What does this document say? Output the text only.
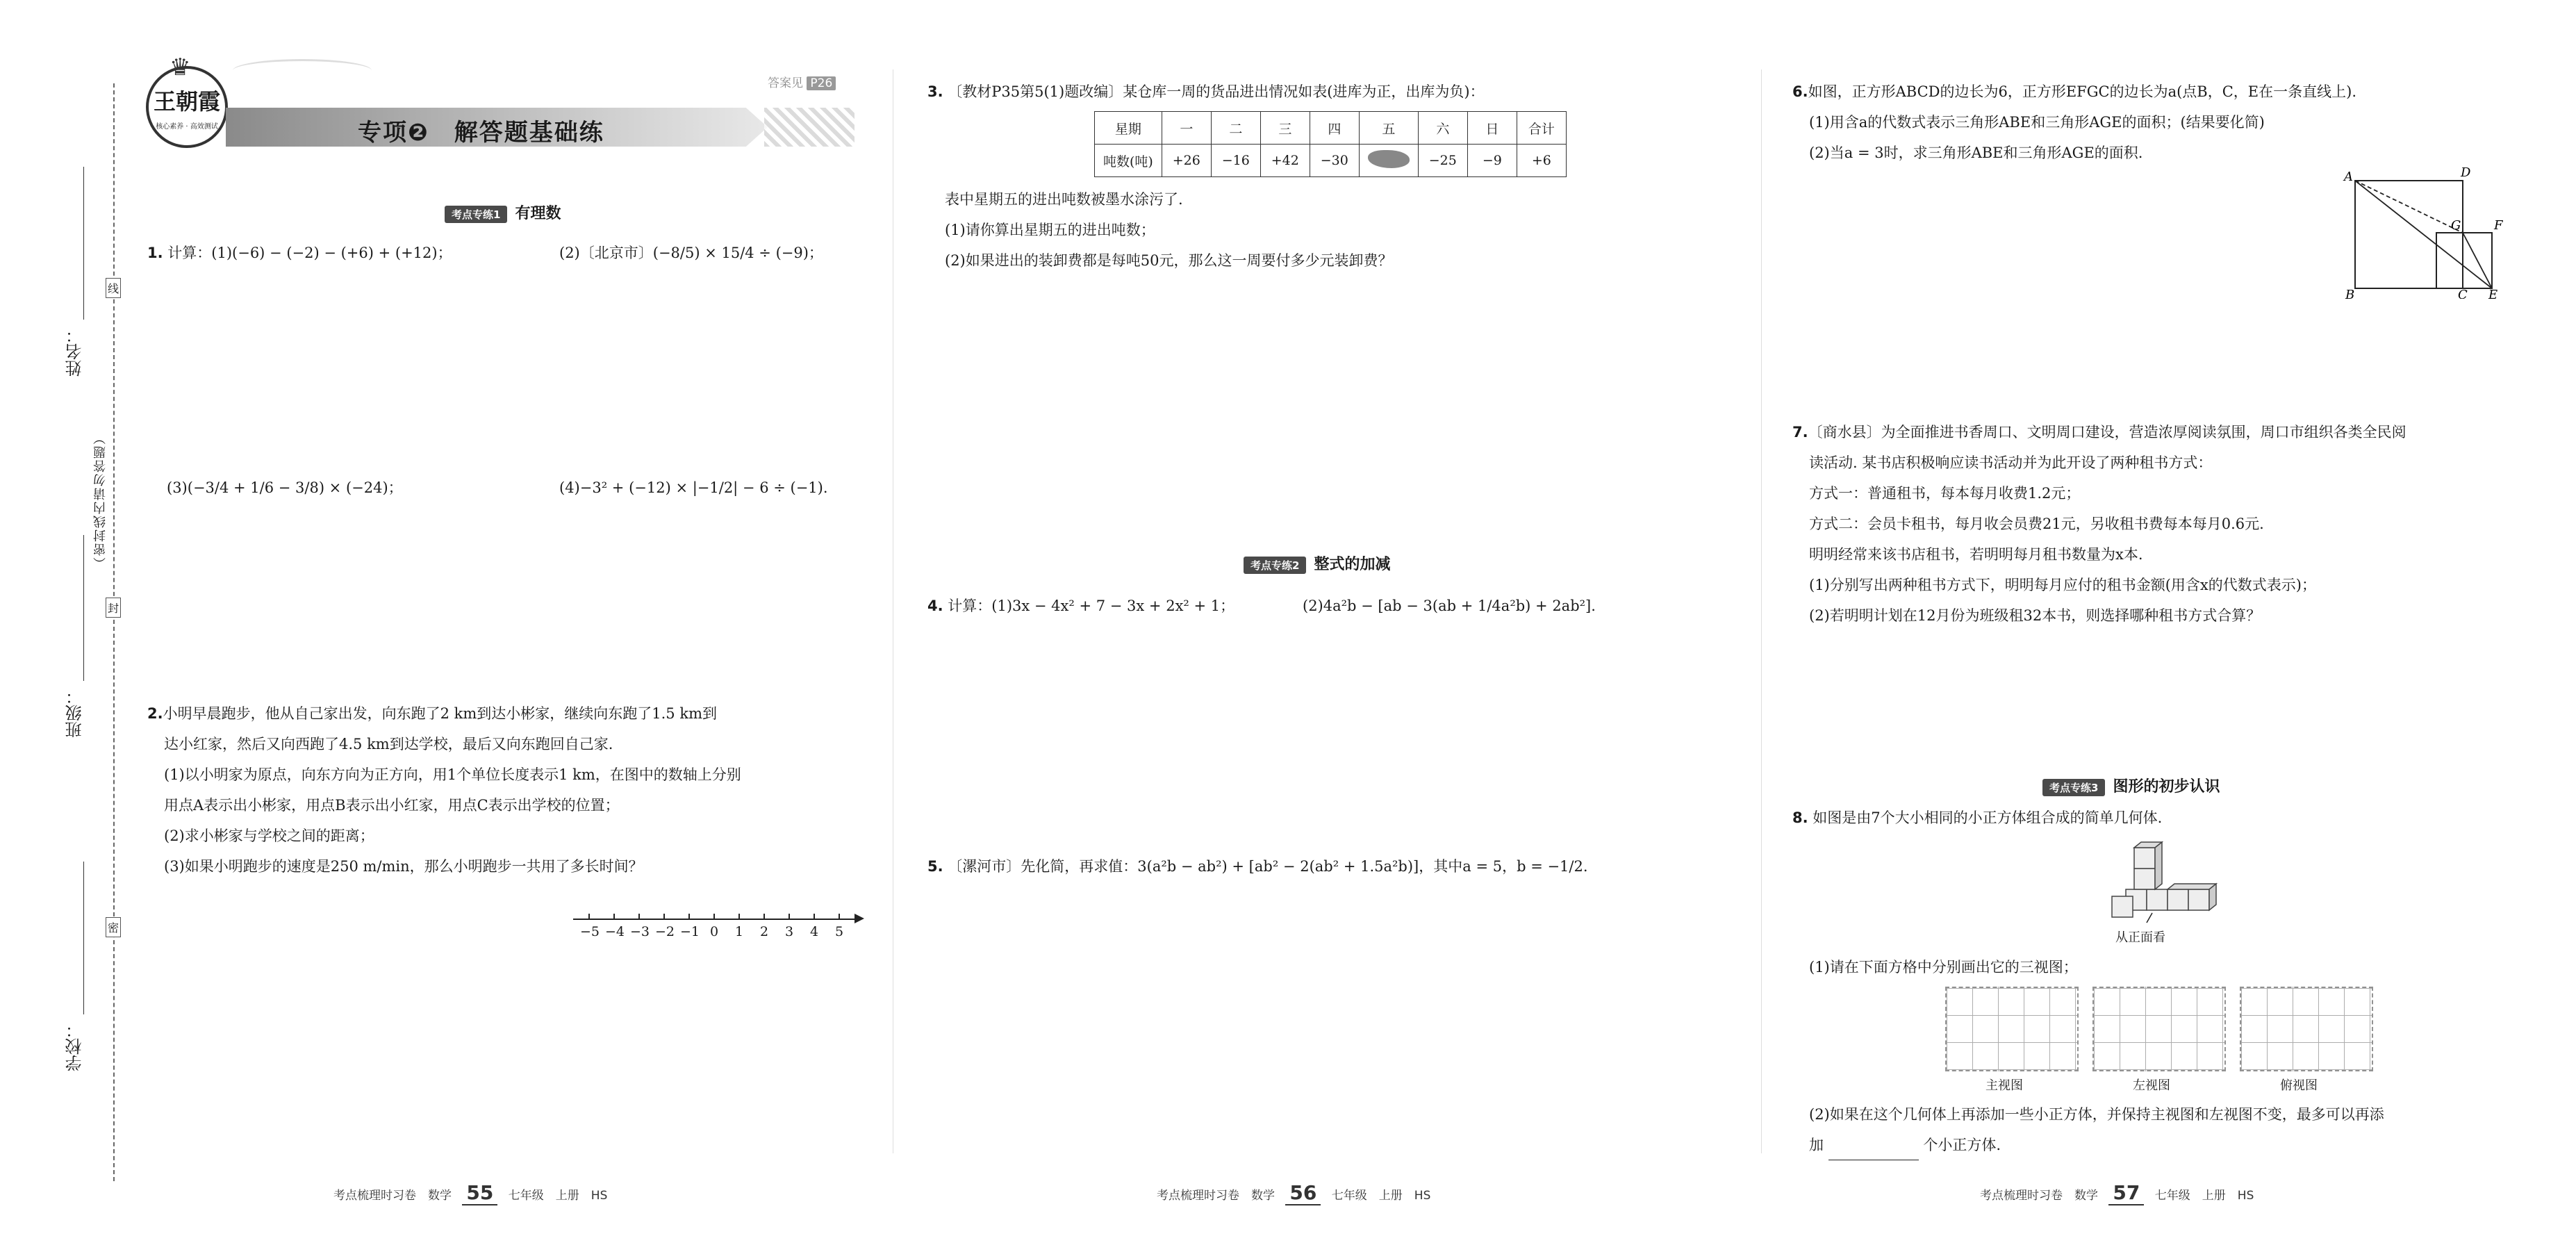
姓名：
班级：
学校：
（密封线内请勿答题）
线
封
密
♛
王朝霞
核心素养 · 高效测试	专项❷　解答题基础练
答案见 P26
考点专练1 有理数
1. 计算：(1)(−6) − (−2) − (+6) + (+12)；	(2)〔北京市〕(−8/5) × 15/4 ÷ (−9)；
(3)(−3/4 + 1/6 − 3/8) × (−24)；	(4)−3² + (−12) × |−1/2| − 6 ÷ (−1).
2.小明早晨跑步，他从自己家出发，向东跑了2 km到达小彬家，继续向东跑了1.5 km到
达小红家，然后又向西跑了4.5 km到达学校，最后又向东跑回自己家.
(1)以小明家为原点，向东方向为正方向，用1个单位长度表示1 km，在图中的数轴上分别
用点A表示出小彬家，用点B表示出小红家，用点C表示出学校的位置；
(2)求小彬家与学校之间的距离；
(3)如果小明跑步的速度是250 m/min，那么小明跑步一共用了多长时间？
−5 −4 −3 −2 −1 0	1	2	3	4	5
3. 〔教材P35第5(1)题改编〕某仓库一周的货品进出情况如表(进库为正，出库为负)：
星期	一	二	三	四	五	六	日	合计
吨数(吨)	+26	−16	+42	−30		−25	−9	+6
表中星期五的进出吨数被墨水涂污了.
(1)请你算出星期五的进出吨数；
(2)如果进出的装卸费都是每吨50元，那么这一周要付多少元装卸费？
考点专练2 整式的加减
4. 计算：(1)3x − 4x² + 7 − 3x + 2x² + 1；	(2)4a²b − [ab − 3(ab + 1/4a²b) + 2ab²].
5. 〔漯河市〕先化简，再求值：3(a²b − ab²) + [ab² − 2(ab² + 1.5a²b)]，其中a = 5，b = −1/2.
6.如图，正方形ABCD的边长为6，正方形EFGC的边长为a(点B，C，E在一条直线上).
(1)用含a的代数式表示三角形ABE和三角形AGE的面积；(结果要化简)
(2)当a = 3时，求三角形ABE和三角形AGE的面积.
A	D
G	F
B	C E
7.〔商水县〕为全面推进书香周口、文明周口建设，营造浓厚阅读氛围，周口市组织各类全民阅
读活动. 某书店积极响应读书活动并为此开设了两种租书方式：
方式一：普通租书，每本每月收费1.2元；
方式二：会员卡租书，每月收会员费21元，另收租书费每本每月0.6元.
明明经常来该书店租书，若明明每月租书数量为x本.
(1)分别写出两种租书方式下，明明每月应付的租书金额(用含x的代数式表示)；
(2)若明明计划在12月份为班级租32本书，则选择哪种租书方式合算？
考点专练3 图形的初步认识
8. 如图是由7个大小相同的小正方体组合成的简单几何体.
从正面看
(1)请在下面方格中分别画出它的三视图；
主视图	左视图	俯视图
(2)如果在这个几何体上再添加一些小正方体，并保持主视图和左视图不变，最多可以再添
加	个小正方体.
考点梳理时习卷　数学 55 七年级　上册　HS	考点梳理时习卷　数学 56 七年级　上册　HS	考点梳理时习卷　数学 57 七年级　上册　HS
